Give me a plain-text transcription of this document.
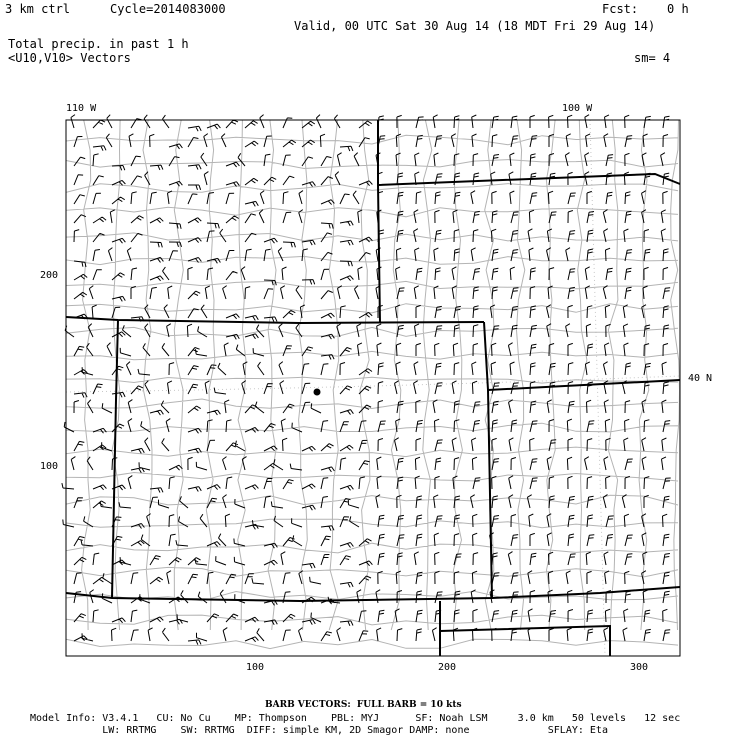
3 km ctrl	Cycle=2014083000	Fcst:    0 h
Valid, 00 UTC Sat 30 Aug 14 (18 MDT Fri 29 Aug 14)
Total precip. in past 1 h
<U10,V10> Vectors	sm= 4
110 W	100 W
40 N
200
100
100	200	300
BARB VECTORS:  FULL BARB = 10 kts
Model Info: V3.4.1   CU: No Cu    MP: Thompson    PBL: MYJ      SF: Noah LSM     3.0 km   50 levels   12 sec
LW: RRTMG    SW: RRTMG  DIFF: simple KM, 2D Smagor DAMP: none             SFLAY: Eta
